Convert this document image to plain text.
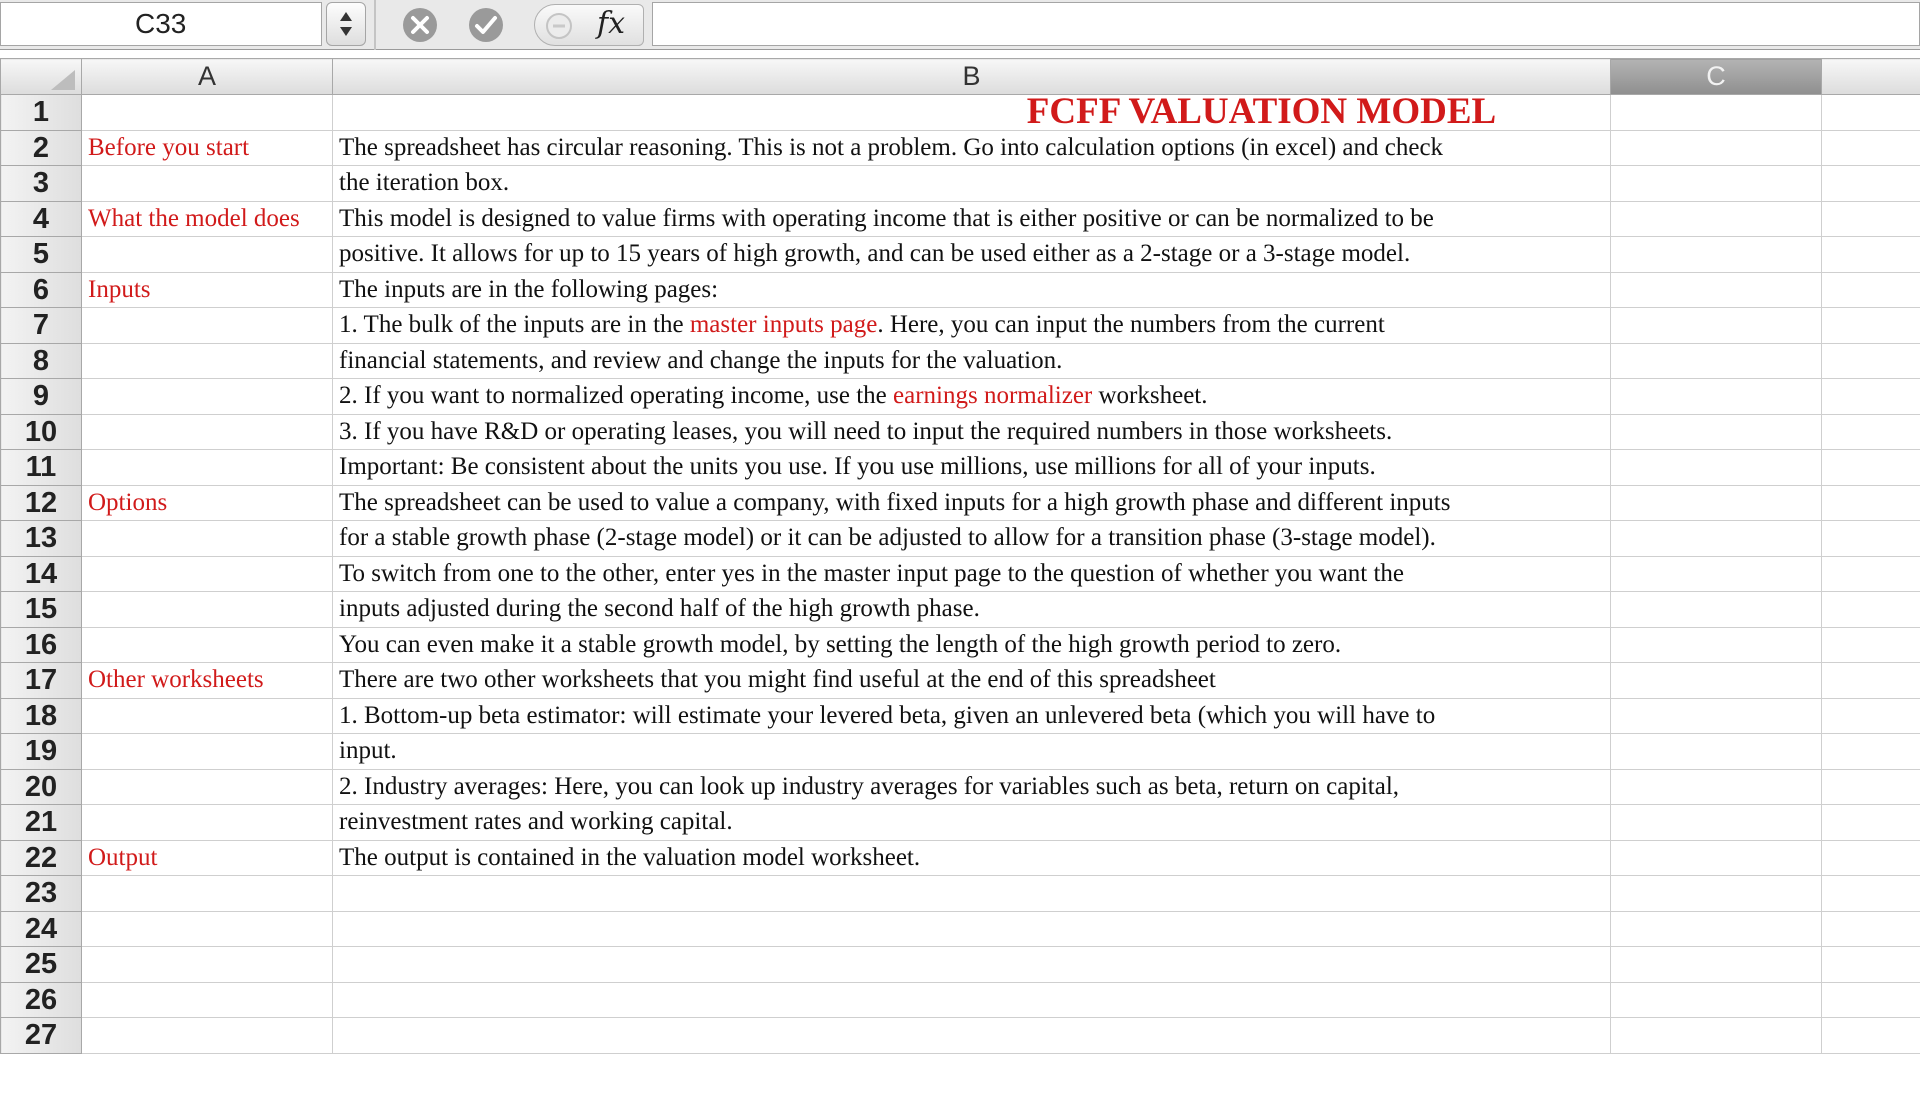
C33	fx
	A	B	C	
1		FCFF VALUATION MODEL		
2	Before you start	The spreadsheet has circular reasoning. This is not a problem. Go into calculation options (in excel) and check		
3		the iteration box.		
4	What the model does	This model is designed to value firms with operating income that is either positive or can be normalized to be		
5		positive. It allows for up to 15 years of high growth, and can be used either as a 2-stage or a 3-stage model.		
6	Inputs	The inputs are in the following pages:		
7		1. The bulk of the inputs are in the master inputs page. Here, you can input the numbers from the current		
8		financial statements, and review and change the inputs for the valuation.		
9		2. If you want to normalized operating income, use the earnings normalizer worksheet.		
10		3. If you have R&D or operating leases, you will need to input the required numbers in those worksheets.		
11		Important: Be consistent about the units you use. If you use millions, use millions for all of your inputs.		
12	Options	The spreadsheet can be used to value a company, with fixed inputs for a high growth phase and different inputs		
13		for a stable growth phase (2-stage model) or it can be adjusted to allow for a transition phase (3-stage model).		
14		To switch from one to the other, enter yes in the master input page to the question of whether you want the		
15		inputs adjusted during the second half of the high growth phase.		
16		You can even make it a stable growth model, by setting the length of the high growth period to zero.		
17	Other worksheets	There are two other worksheets that you might find useful at the end of this spreadsheet		
18		1. Bottom-up beta estimator: will estimate your levered beta, given an unlevered beta (which you will have to		
19		input.		
20		2. Industry averages: Here, you can look up industry averages for variables such as beta, return on capital,		
21		reinvestment rates and working capital.		
22	Output	The output is contained in the valuation model worksheet.		
23				
24				
25				
26				
27				
